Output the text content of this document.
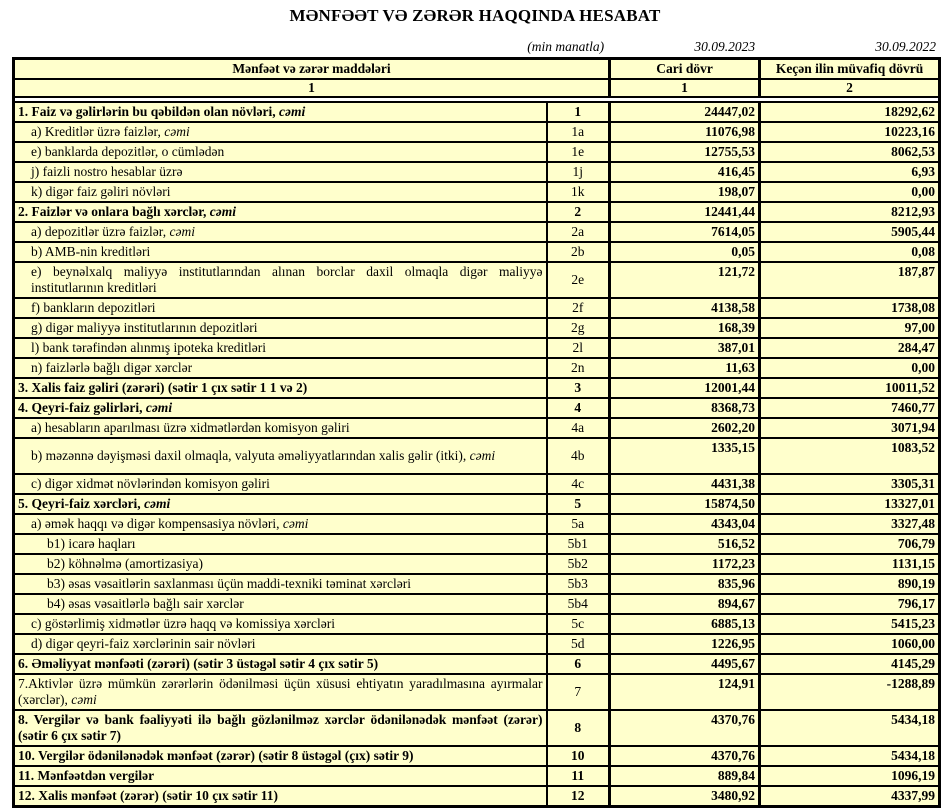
MƏNFƏƏT VƏ ZƏRƏR HAQQINDA HESABAT
(min manatla)	30.09.2023	30.09.2022
Mənfəət və zərər maddələri		Cari dövr	Keçən ilin müvafiq dövrü
1		1	2

1. Faiz və gəlirlərin bu qəbildən olan növləri, cəmi	1	24447,02	18292,62
a) Kreditlər üzrə faizlər, cəmi	1a	11076,98	10223,16
e) banklarda depozitlər, o cümlədən	1e	12755,53	8062,53
j) faizli nostro hesablar üzrə	1j	416,45	6,93
k) digər faiz gəliri növləri	1k	198,07	0,00
2. Faizlər və onlara bağlı xərclər, cəmi	2	12441,44	8212,93
a) depozitlər üzrə faizlər, cəmi	2a	7614,05	5905,44
b) AMB-nin kreditləri	2b	0,05	0,08
e) beynəlxalq maliyyə institutlarından alınan borclar daxil olmaqla digər maliyyə institutlarının kreditləri	2e	121,72	187,87
f) bankların depozitləri	2f	4138,58	1738,08
g) digər maliyyə institutlarının depozitləri	2g	168,39	97,00
l) bank tərəfindən alınmış ipoteka kreditləri	2l	387,01	284,47
n) faizlərlə bağlı digər xərclər	2n	11,63	0,00
3. Xalis faiz gəliri (zərəri) (sətir 1 çıx sətir 1 1 və 2)	3	12001,44	10011,52
4. Qeyri-faiz gəlirləri, cəmi	4	8368,73	7460,77
a) hesabların aparılması üzrə xidmətlərdən komisyon gəliri	4a	2602,20	3071,94
b) məzənnə dəyişməsi daxil olmaqla, valyuta əməliyyatlarından xalis gəlir (itki), cəmi	4b	1335,15	1083,52
c) digər xidmət növlərindən komisyon gəliri	4c	4431,38	3305,31
5. Qeyri-faiz xərcləri, cəmi	5	15874,50	13327,01
a) əmək haqqı və digər kompensasiya növləri, cəmi	5a	4343,04	3327,48
b1) icarə haqları	5b1	516,52	706,79
b2) köhnəlmə (amortizasiya)	5b2	1172,23	1131,15
b3) əsas vəsaitlərin saxlanması üçün maddi-texniki təminat xərcləri	5b3	835,96	890,19
b4) əsas vəsaitlərlə bağlı sair xərclər	5b4	894,67	796,17
c) göstərlimiş xidmətlər üzrə haqq və komissiya xərcləri	5c	6885,13	5415,23
d) digər qeyri-faiz xərclərinin sair növləri	5d	1226,95	1060,00
6. Əməliyyat mənfəəti (zərəri) (sətir 3 üstəgəl sətir 4 çıx sətir 5)	6	4495,67	4145,29
7.Aktivlər üzrə mümkün zərərlərin ödənilməsi üçün xüsusi ehtiyatın yaradılmasına ayırmalar (xərclər), cəmi	7	124,91	-1288,89
8. Vergilər və bank fəaliyyəti ilə bağlı gözlənilməz xərclər ödənilənədək mənfəət (zərər) (sətir 6 çıx sətir 7)	8	4370,76	5434,18
10. Vergilər ödənilənədək mənfəət (zərər) (sətir 8 üstəgəl (çıx) sətir 9)	10	4370,76	5434,18
11. Mənfəətdən vergilər	11	889,84	1096,19
12. Xalis mənfəət (zərər) (sətir 10 çıx sətir 11)	12	3480,92	4337,99
